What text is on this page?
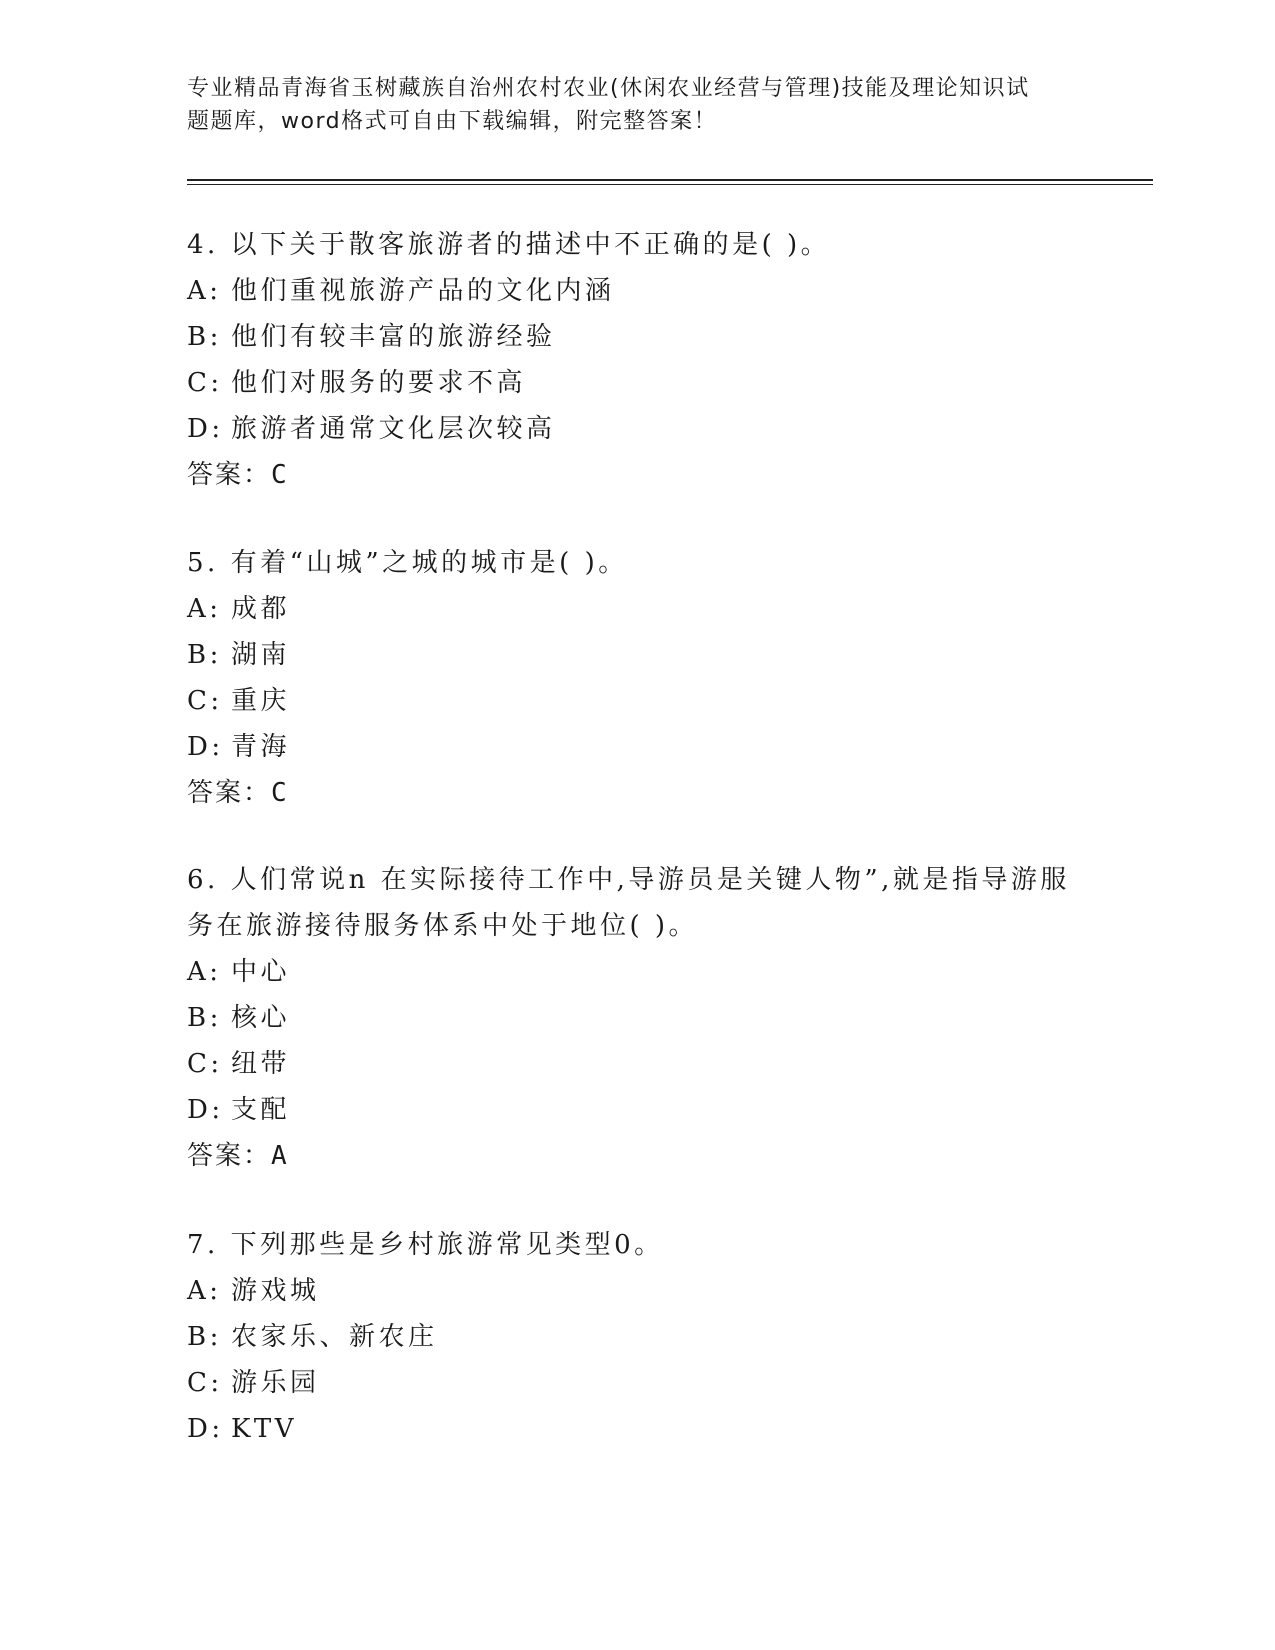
专业精品青海省玉树藏族自治州农村农业(休闲农业经营与管理)技能及理论知识试
题题库，word格式可自由下载编辑，附完整答案！
4. 以下关于散客旅游者的描述中不正确的是( )。
A: 他们重视旅游产品的文化内涵
B: 他们有较丰富的旅游经验
C: 他们对服务的要求不高
D: 旅游者通常文化层次较高
答案：C
5. 有着“山城”之城的城市是( )。
A: 成都
B: 湖南
C: 重庆
D: 青海
答案：C
6. 人们常说n 在实际接待工作中,导游员是关键人物”,就是指导游服
务在旅游接待服务体系中处于地位( )。
A: 中心
B: 核心
C: 纽带
D: 支配
答案：A
7. 下列那些是乡村旅游常见类型0。
A: 游戏城
B: 农家乐、新农庄
C: 游乐园
D: KTV
